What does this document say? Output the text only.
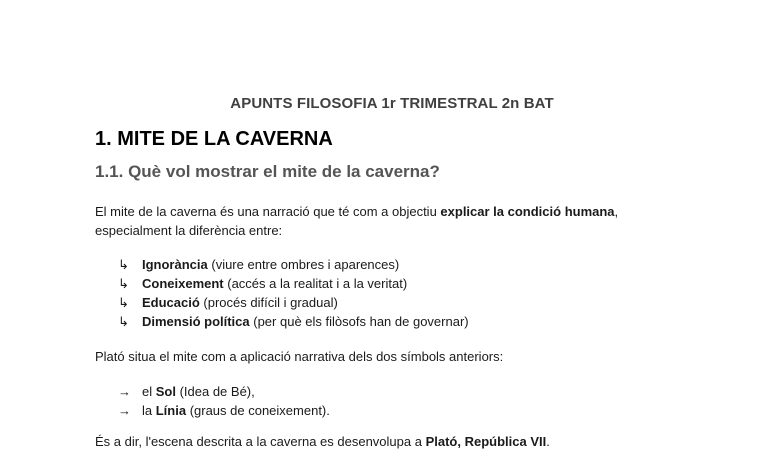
APUNTS FILOSOFIA 1r TRIMESTRAL 2n BAT
1. MITE DE LA CAVERNA
1.1. Què vol mostrar el mite de la caverna?
El mite de la caverna és una narració que té com a objectiu explicar la condició humana, especialment la diferència entre:
↳ Ignorància (viure entre ombres i aparences)
↳ Coneixement (accés a la realitat i a la veritat)
↳ Educació (procés difícil i gradual)
↳ Dimensió política (per què els filòsofs han de governar)
Plató situa el mite com a aplicació narrativa dels dos símbols anteriors:
→ el Sol (Idea de Bé),
→ la Línia (graus de coneixement).
És a dir, l'escena descrita a la caverna es desenvolupa a Plató, República VII.
